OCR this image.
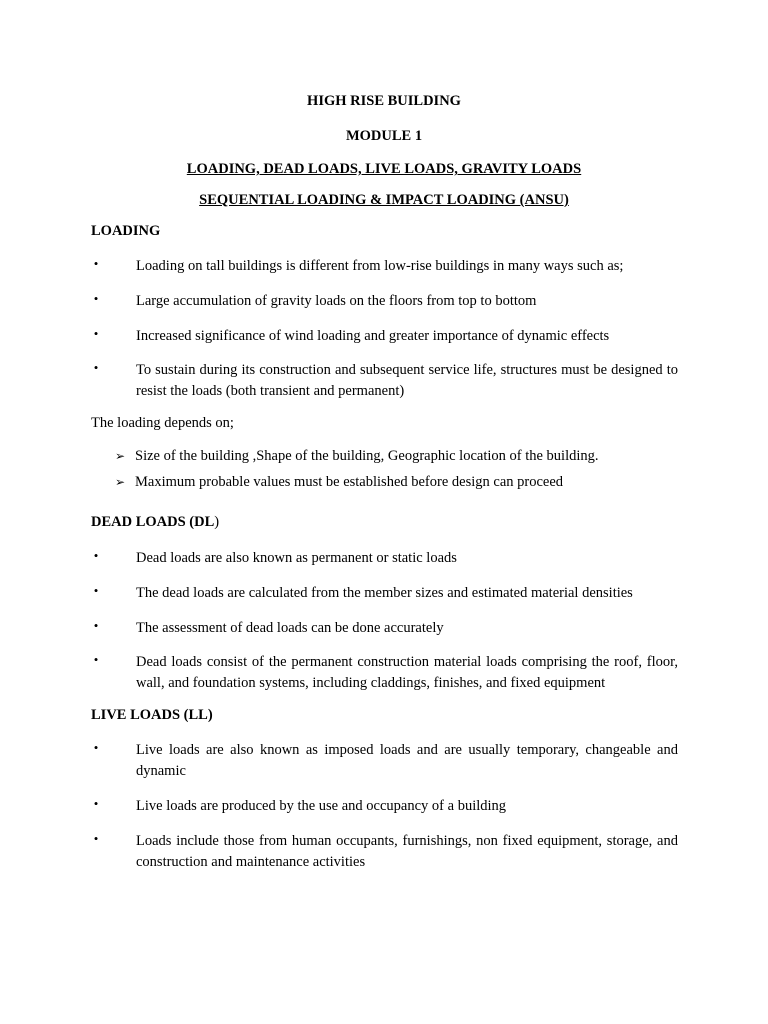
HIGH RISE BUILDING
MODULE 1
LOADING, DEAD LOADS, LIVE LOADS, GRAVITY LOADS
SEQUENTIAL LOADING & IMPACT LOADING (ANSU)
LOADING
•	Loading on tall buildings is different from low-rise buildings in many ways such as;
•	Large accumulation of gravity loads on the floors from top to bottom
•	Increased significance of wind loading and greater importance of dynamic effects
•	To sustain during its construction and subsequent service life, structures must be designed to resist the loads (both transient and permanent)
The loading depends on;
➢ Size of the building ,Shape of the building, Geographic location of the building.
➢ Maximum probable values must be established before design can proceed
DEAD LOADS (DL)
•	Dead loads are also known as permanent or static loads
•	The dead loads are calculated from the member sizes and estimated material densities
•	The assessment of dead loads can be done accurately
•	Dead loads consist of the permanent construction material loads comprising the roof, floor, wall, and foundation systems, including claddings, finishes, and fixed equipment
LIVE LOADS (LL)
•	Live loads are also known as imposed loads and are usually temporary, changeable and dynamic
•	Live loads are produced by the use and occupancy of a building
•	Loads include those from human occupants, furnishings, non fixed equipment, storage, and construction and maintenance activities
